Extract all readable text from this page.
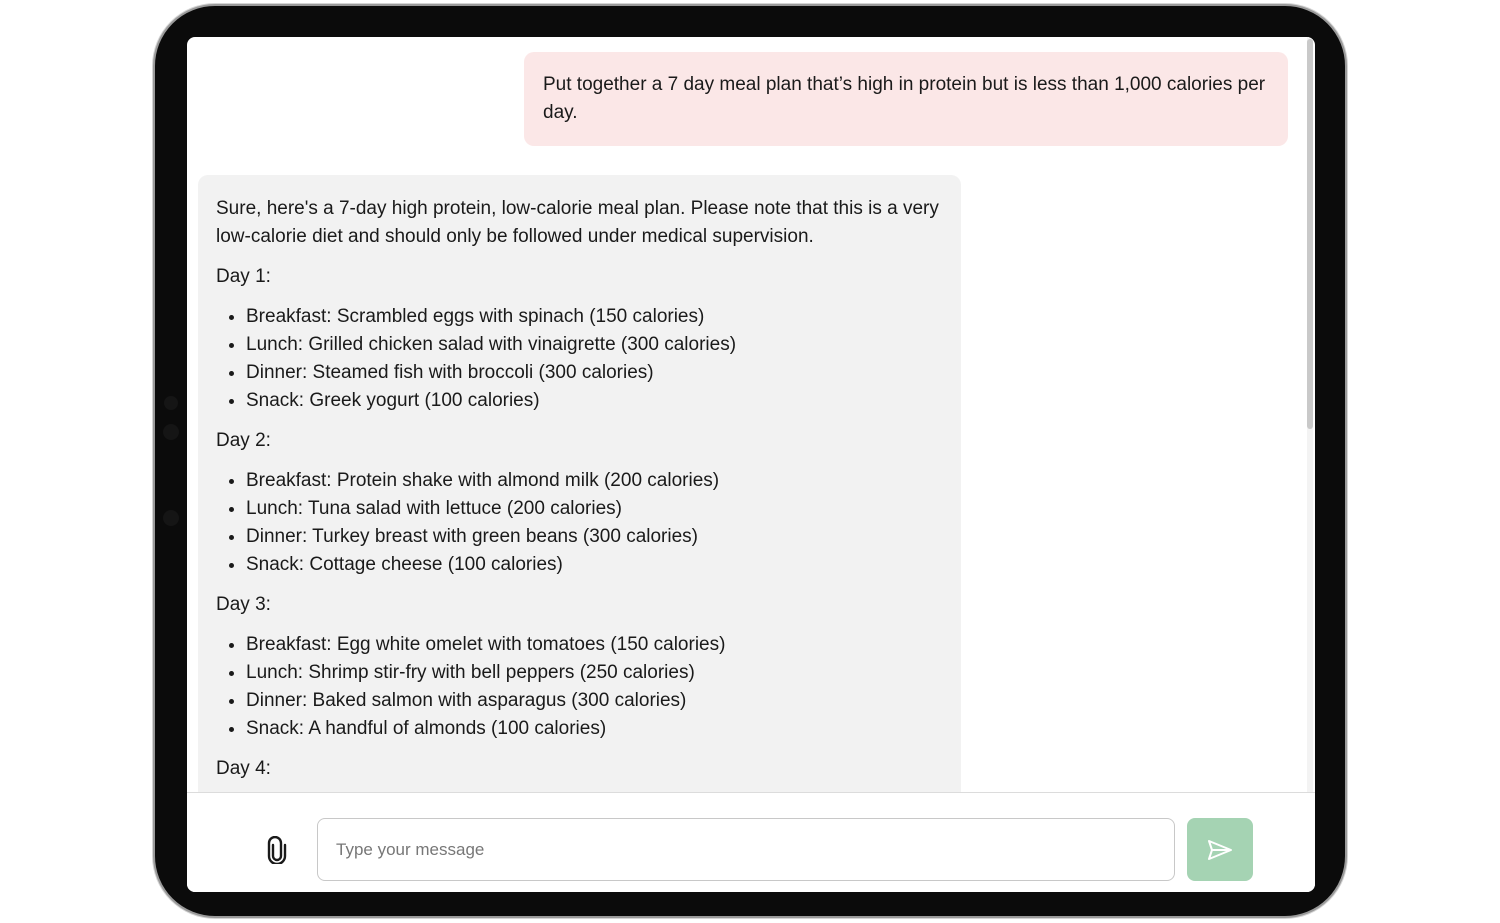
Put together a 7 day meal plan that’s high in protein but is less than 1,000 calories per day.

Sure, here's a 7-day high protein, low-calorie meal plan. Please note that this is a very low-calorie diet and should only be followed under medical supervision.

Day 1:
• Breakfast: Scrambled eggs with spinach (150 calories)
• Lunch: Grilled chicken salad with vinaigrette (300 calories)
• Dinner: Steamed fish with broccoli (300 calories)
• Snack: Greek yogurt (100 calories)
Day 2:
• Breakfast: Protein shake with almond milk (200 calories)
• Lunch: Tuna salad with lettuce (200 calories)
• Dinner: Turkey breast with green beans (300 calories)
• Snack: Cottage cheese (100 calories)
Day 3:
• Breakfast: Egg white omelet with tomatoes (150 calories)
• Lunch: Shrimp stir-fry with bell peppers (250 calories)
• Dinner: Baked salmon with asparagus (300 calories)
• Snack: A handful of almonds (100 calories)
Day 4:
Type your message
